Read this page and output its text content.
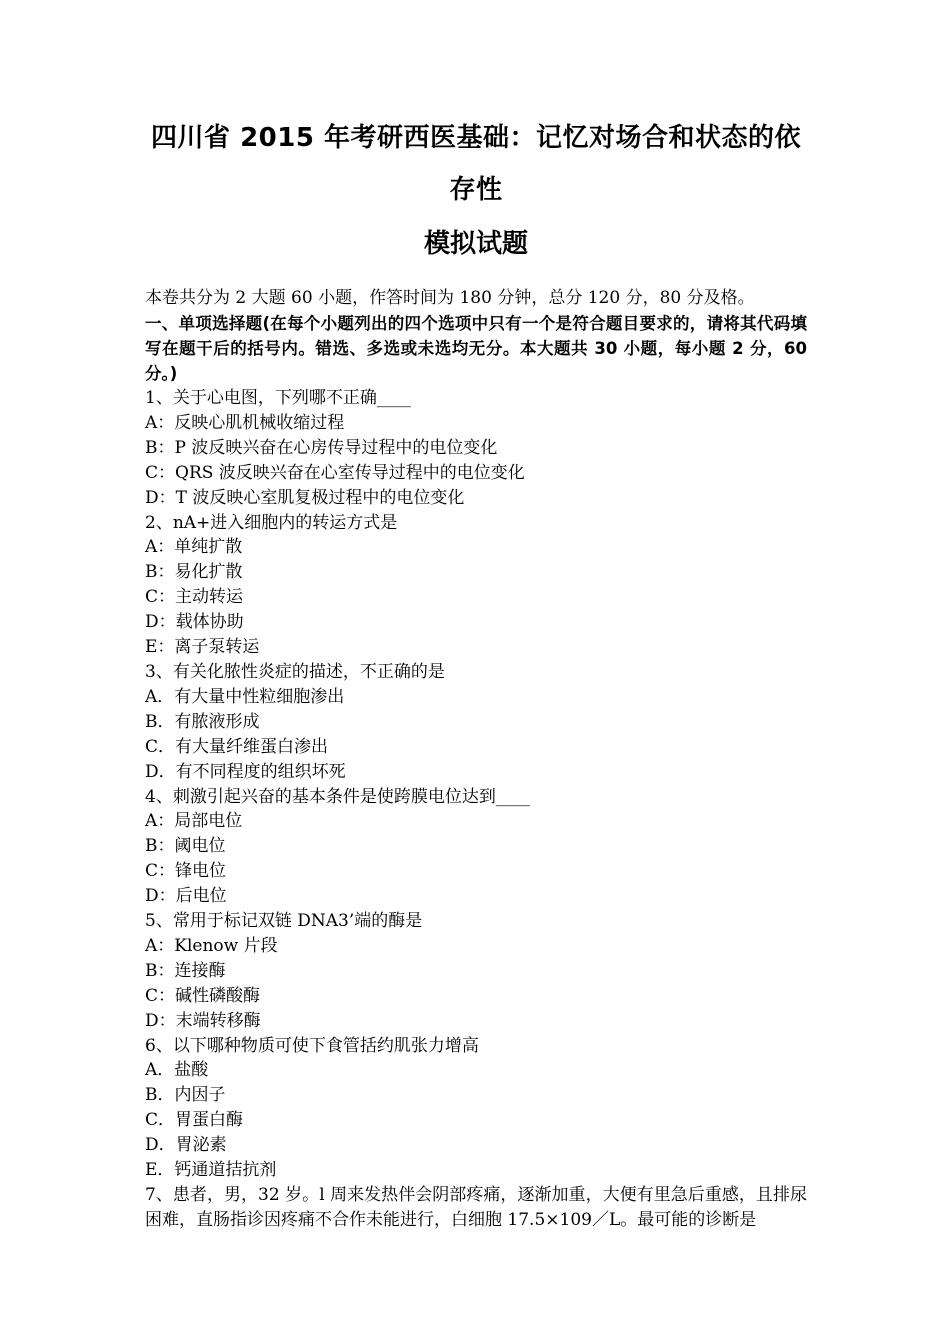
四川省 2015 年考研西医基础：记忆对场合和状态的依存性
模拟试题
本卷共分为 2 大题 60 小题，作答时间为 180 分钟，总分 120 分，80 分及格。
一、单项选择题(在每个小题列出的四个选项中只有一个是符合题目要求的，请将其代码填写在题干后的括号内。错选、多选或未选均无分。本大题共 30 小题，每小题 2 分，60 分。)
1、关于心电图，下列哪不正确____
A：反映心肌机械收缩过程
B：P 波反映兴奋在心房传导过程中的电位变化
C：QRS 波反映兴奋在心室传导过程中的电位变化
D：T 波反映心室肌复极过程中的电位变化
2、nA+进入细胞内的转运方式是
A：单纯扩散
B：易化扩散
C：主动转运
D：载体协助
E：离子泵转运
3、有关化脓性炎症的描述，不正确的是
A．有大量中性粒细胞渗出
B．有脓液形成
C．有大量纤维蛋白渗出
D．有不同程度的组织坏死
4、刺激引起兴奋的基本条件是使跨膜电位达到____
A：局部电位
B：阈电位
C：锋电位
D：后电位
5、常用于标记双链 DNA3’端的酶是
A：Klenow 片段
B：连接酶
C：碱性磷酸酶
D：末端转移酶
6、以下哪种物质可使下食管括约肌张力增高
A．盐酸
B．内因子
C．胃蛋白酶
D．胃泌素
E．钙通道拮抗剂
7、患者，男，32 岁。l 周来发热伴会阴部疼痛，逐渐加重，大便有里急后重感，且排尿困难，直肠指诊因疼痛不合作未能进行，白细胞 17.5×109／L。最可能的诊断是
